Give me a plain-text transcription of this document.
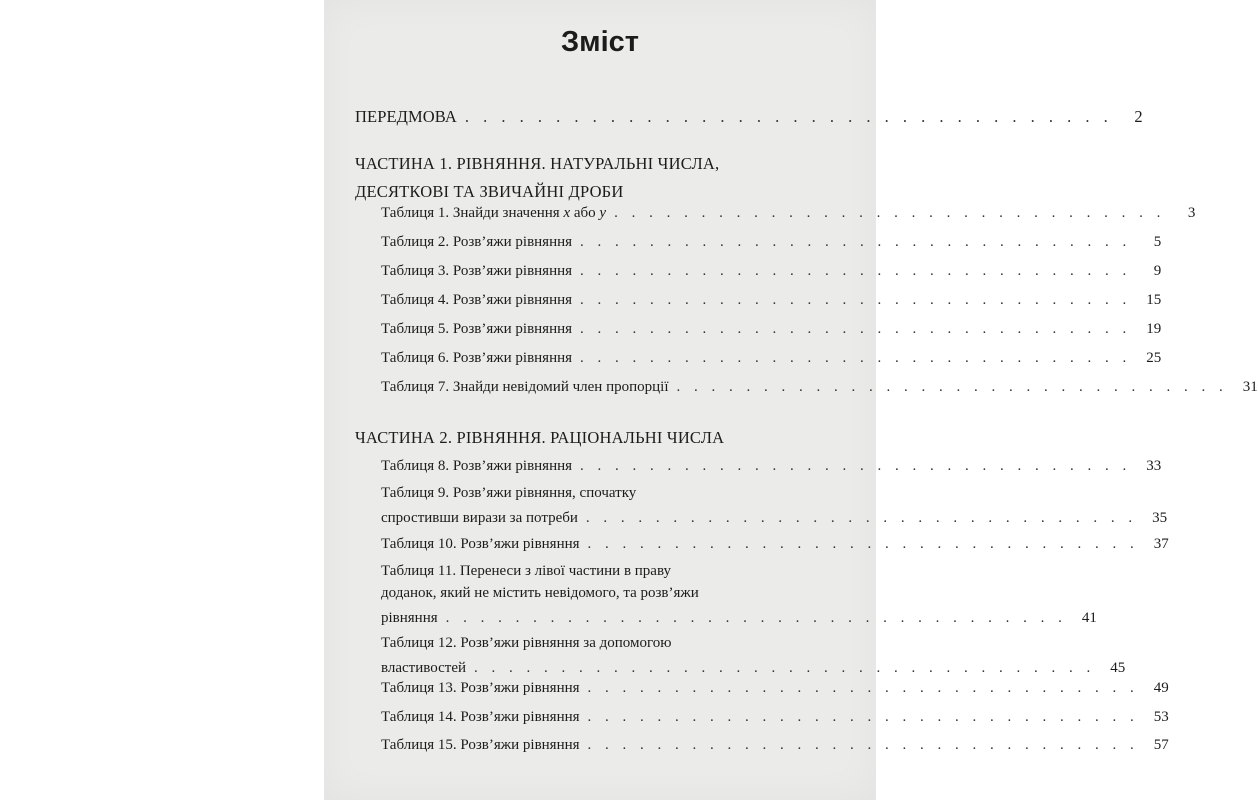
Зміст
ПЕРЕДМОВА . . . . . . . . . . . . . . . . . . . . . . . . . . . . . . . . . . . .	2
ЧАСТИНА 1. РІВНЯННЯ. НАТУРАЛЬНІ ЧИСЛА,
ДЕСЯТКОВІ ТА ЗВИЧАЙНІ ДРОБИ
Таблиця 1. Знайди значення x або y . . . . . . . . . . . . . . . . . . . . . . . . . . . . . . . .	3
Таблиця 2. Розв’яжи рівняння . . . . . . . . . . . . . . . . . . . . . . . . . . . . . . . .	5
Таблиця 3. Розв’яжи рівняння . . . . . . . . . . . . . . . . . . . . . . . . . . . . . . . .	9
Таблиця 4. Розв’яжи рівняння . . . . . . . . . . . . . . . . . . . . . . . . . . . . . . . .	15
Таблиця 5. Розв’яжи рівняння . . . . . . . . . . . . . . . . . . . . . . . . . . . . . . . .	19
Таблиця 6. Розв’яжи рівняння . . . . . . . . . . . . . . . . . . . . . . . . . . . . . . . .	25
Таблиця 7. Знайди невідомий член пропорції . . . . . . . . . . . . . . . . . . . . . . . . . . . . . . . .	31
ЧАСТИНА 2. РІВНЯННЯ. РАЦІОНАЛЬНІ ЧИСЛА
Таблиця 8. Розв’яжи рівняння . . . . . . . . . . . . . . . . . . . . . . . . . . . . . . . .	33
Таблиця 9. Розв’яжи рівняння, спочатку
спростивши вирази за потреби . . . . . . . . . . . . . . . . . . . . . . . . . . . . . . . .	35
Таблиця 10. Розв’яжи рівняння . . . . . . . . . . . . . . . . . . . . . . . . . . . . . . . .	37
Таблиця 11. Перенеси з лівої частини в праву
доданок, який не містить невідомого, та розв’яжи
рівняння . . . . . . . . . . . . . . . . . . . . . . . . . . . . . . . . . . . .	41
Таблиця 12. Розв’яжи рівняння за допомогою
властивостей . . . . . . . . . . . . . . . . . . . . . . . . . . . . . . . . . . . .	45
Таблиця 13. Розв’яжи рівняння . . . . . . . . . . . . . . . . . . . . . . . . . . . . . . . .	49
Таблиця 14. Розв’яжи рівняння . . . . . . . . . . . . . . . . . . . . . . . . . . . . . . . .	53
Таблиця 15. Розв’яжи рівняння . . . . . . . . . . . . . . . . . . . . . . . . . . . . . . . .	57
